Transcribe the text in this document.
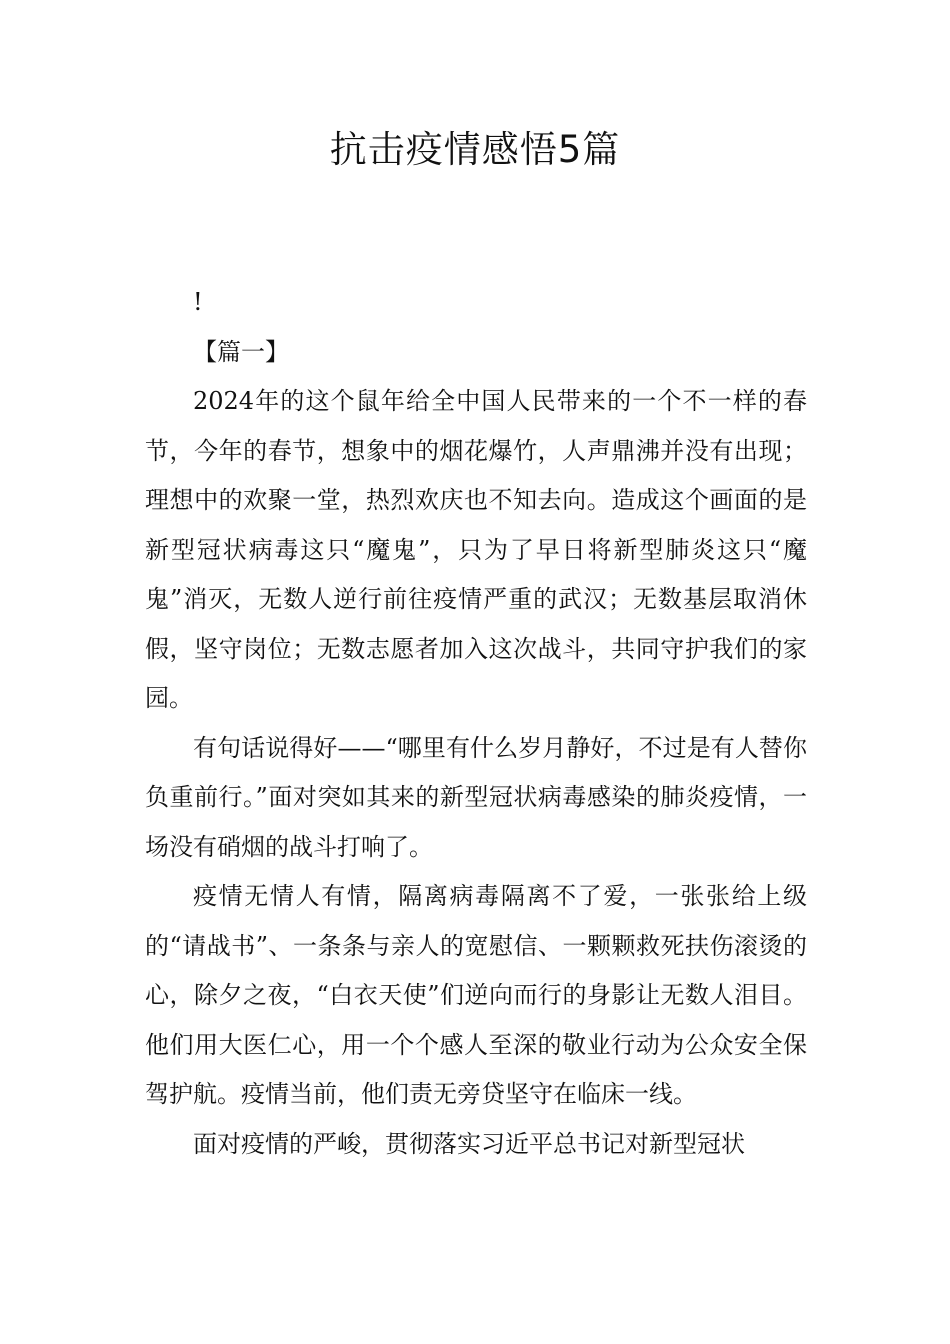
抗击疫情感悟5篇

!

【篇一】

2024年的这个鼠年给全中国人民带来的一个不一样的春节，今年的春节，想象中的烟花爆竹，人声鼎沸并没有出现；理想中的欢聚一堂，热烈欢庆也不知去向。造成这个画面的是新型冠状病毒这只“魔鬼”，只为了早日将新型肺炎这只“魔鬼”消灭，无数人逆行前往疫情严重的武汉；无数基层取消休假，坚守岗位；无数志愿者加入这次战斗，共同守护我们的家园。

有句话说得好——“哪里有什么岁月静好，不过是有人替你负重前行。”面对突如其来的新型冠状病毒感染的肺炎疫情，一场没有硝烟的战斗打响了。

疫情无情人有情，隔离病毒隔离不了爱，一张张给上级的“请战书”、一条条与亲人的宽慰信、一颗颗救死扶伤滚烫的心，除夕之夜，“白衣天使”们逆向而行的身影让无数人泪目。他们用大医仁心，用一个个感人至深的敬业行动为公众安全保驾护航。疫情当前，他们责无旁贷坚守在临床一线。

面对疫情的严峻，贯彻落实习近平总书记对新型冠状
